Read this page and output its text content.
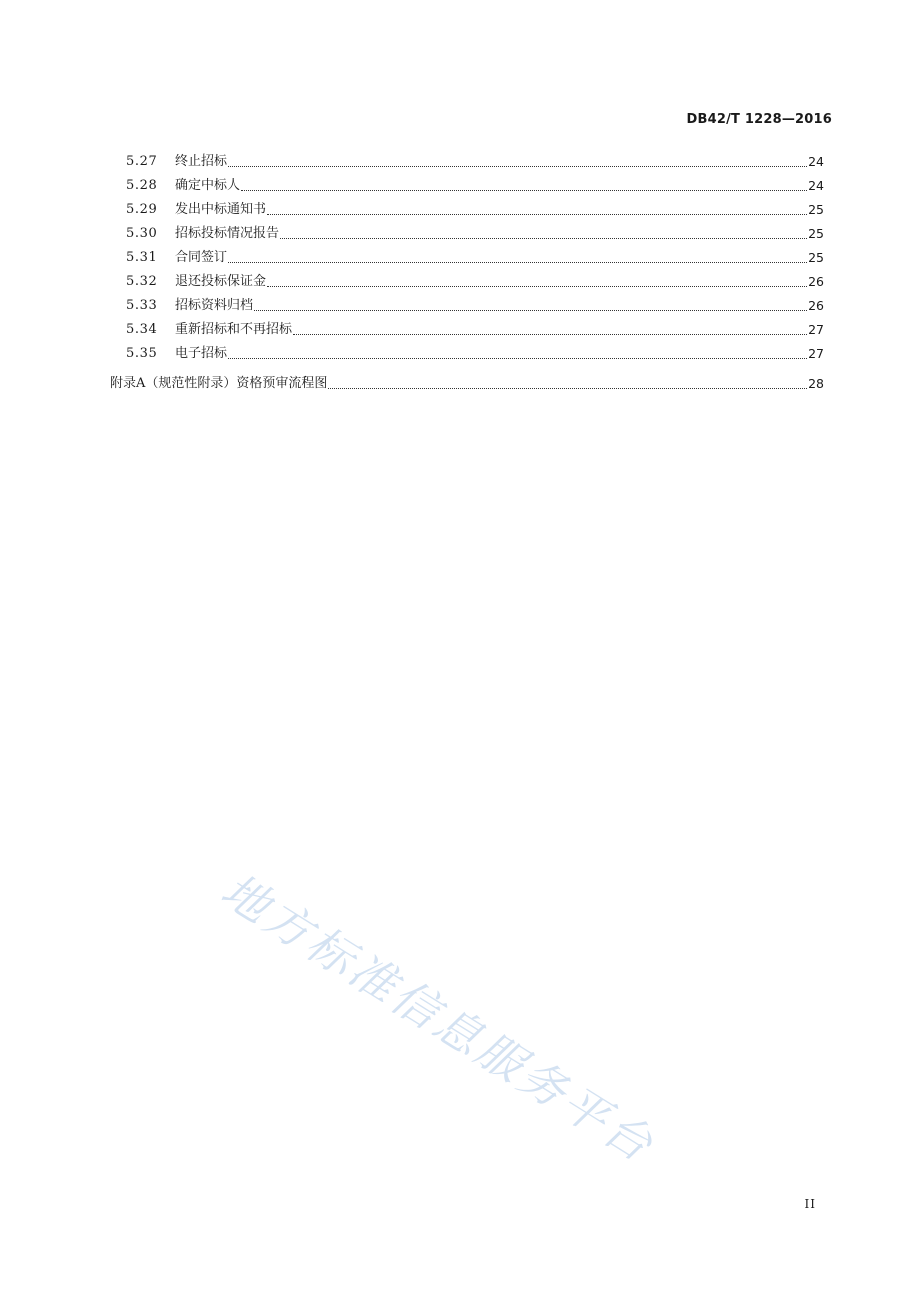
DB42/T 1228—2016
5.27	终止招标	24
5.28	确定中标人	24
5.29	发出中标通知书	25
5.30	招标投标情况报告	25
5.31	合同签订	25
5.32	退还投标保证金	26
5.33	招标资料归档	26
5.34	重新招标和不再招标	27
5.35	电子招标	27
附录A（规范性附录）资格预审流程图	28
地方标准信息服务平台
II
